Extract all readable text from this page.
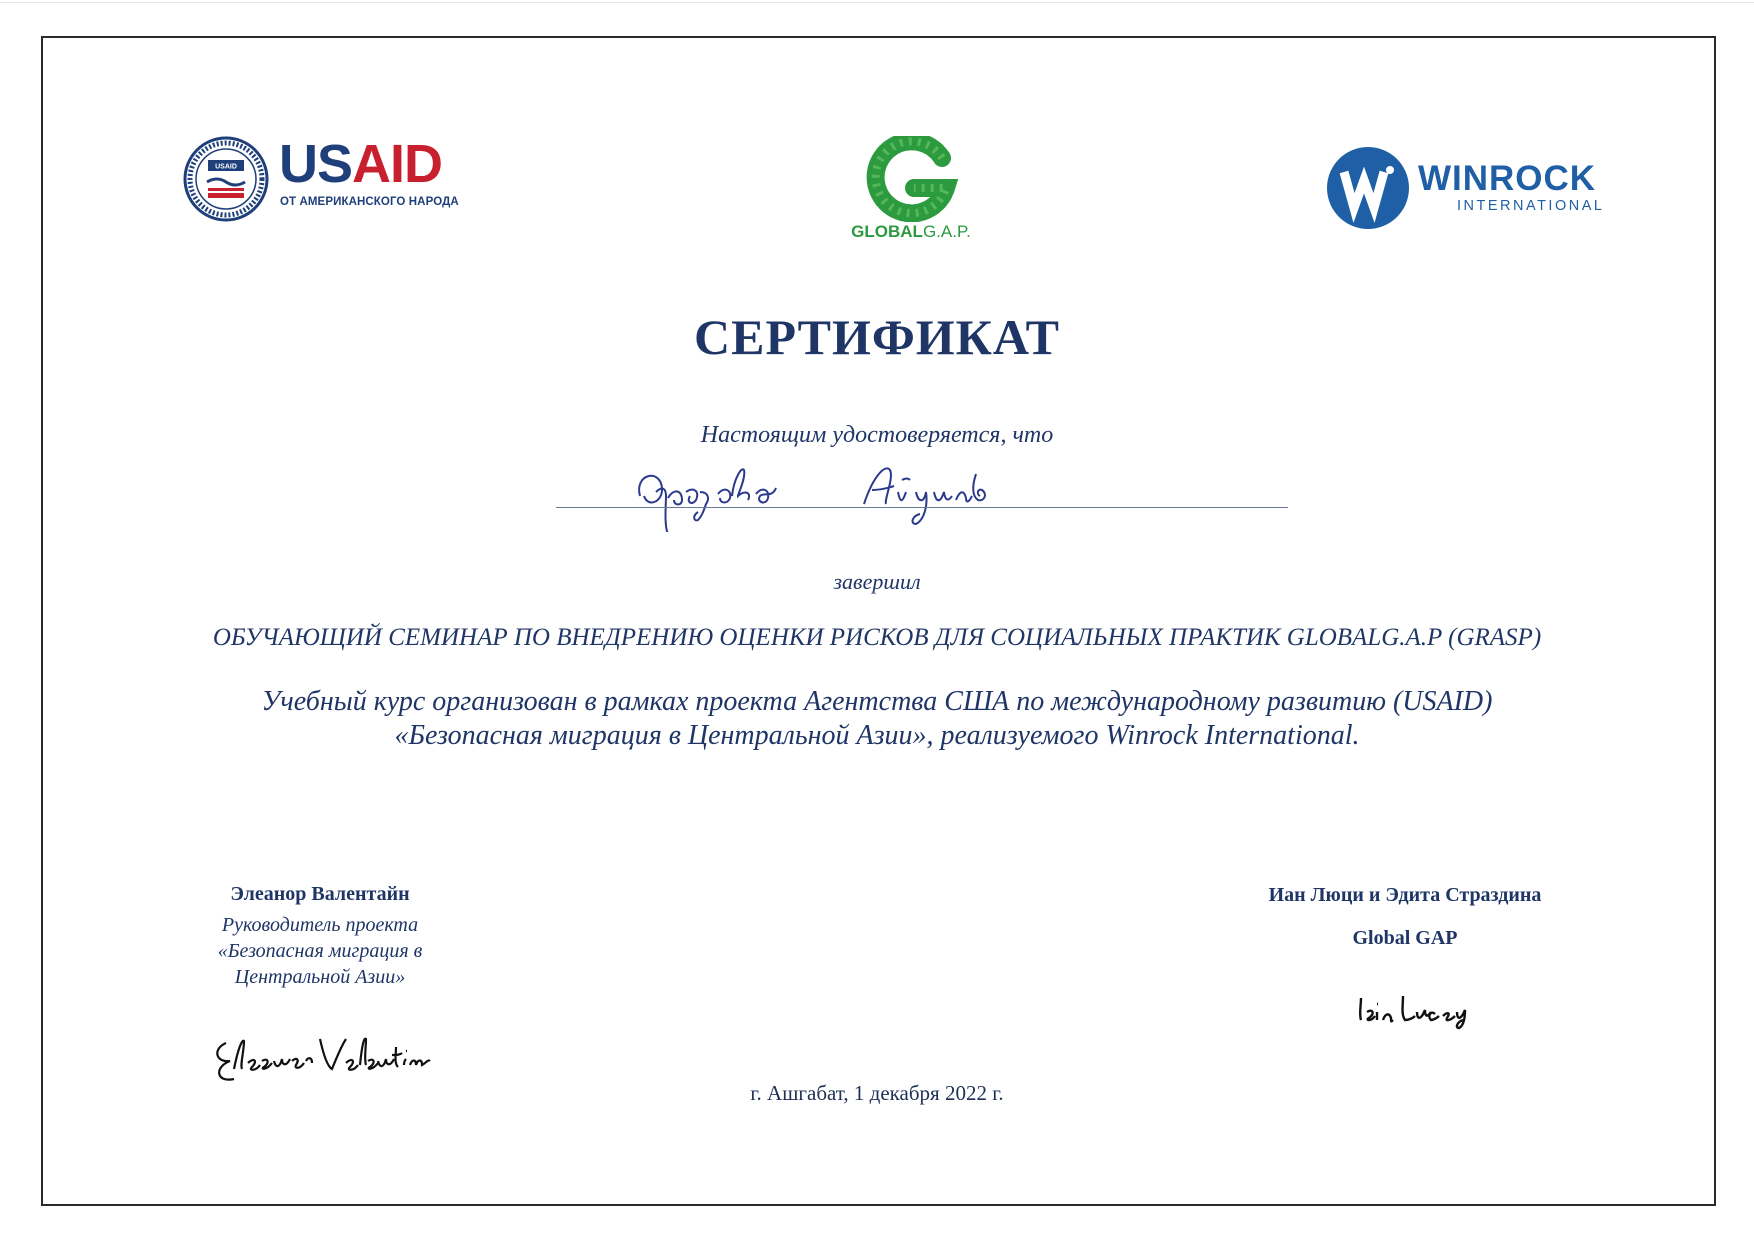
USAID USAID
ОТ АМЕРИКАНСКОГО НАРОДА
GLOBALG.A.P.
WINROCK
INTERNATIONAL
СЕРТИФИКАТ
Настоящим удостоверяется, что
завершил
ОБУЧАЮЩИЙ СЕМИНАР ПО ВНЕДРЕНИЮ ОЦЕНКИ РИСКОВ ДЛЯ СОЦИАЛЬНЫХ ПРАКТИК GLOBALG.A.P (GRASP)
Учебный курс организован в рамках проекта Агентства США по международному развитию (USAID)
«Безопасная миграция в Центральной Азии», реализуемого Winrock International.
Элеанор Валентайн
Руководитель проекта
«Безопасная миграция в
Центральной Азии»
Иан Люци и Эдита Страздина
Global GAP
г. Ашгабат, 1 декабря 2022 г.
